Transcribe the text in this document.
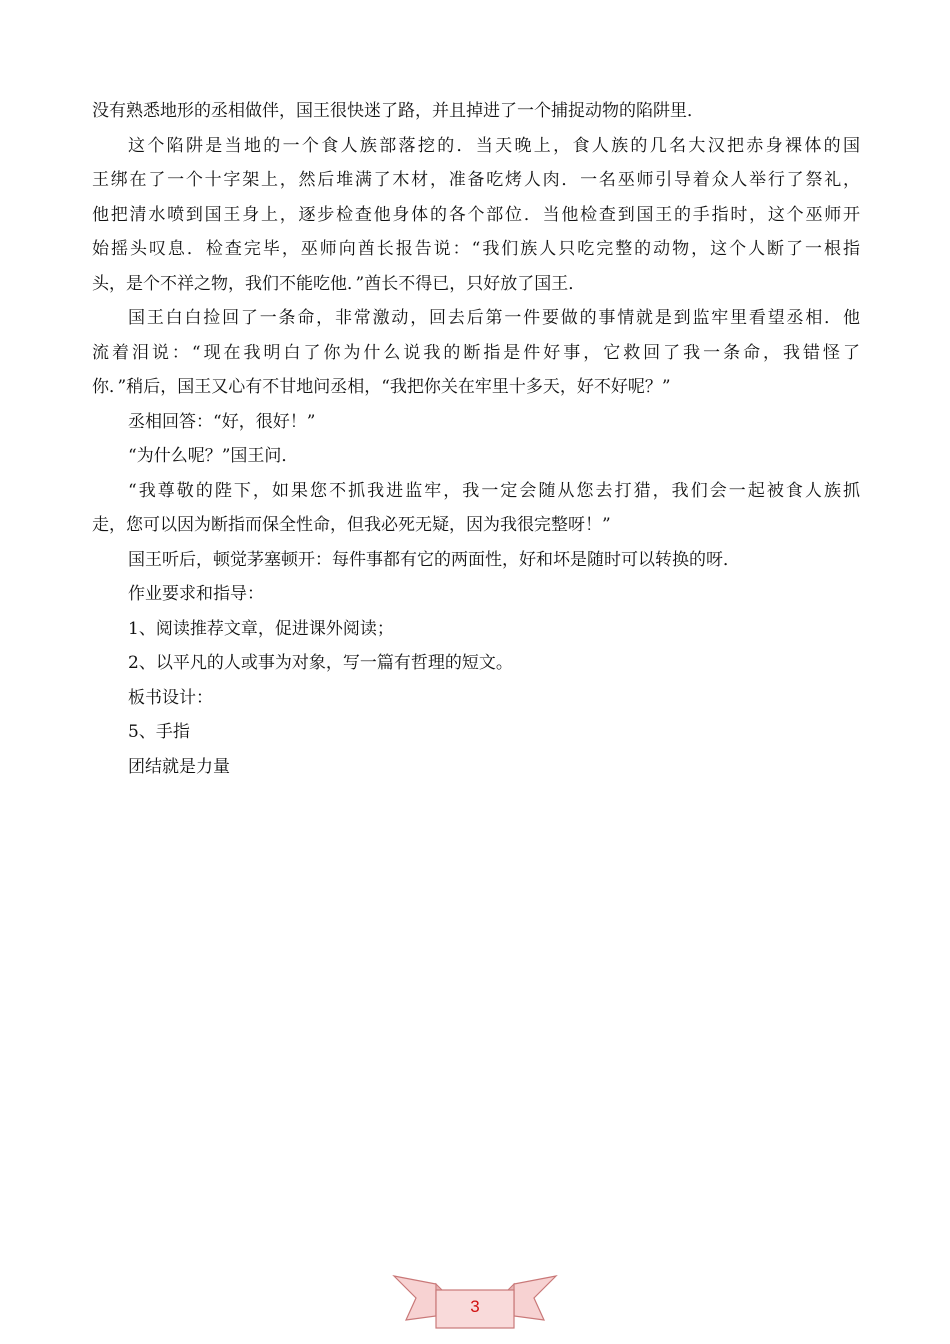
没有熟悉地形的丞相做伴，国王很快迷了路，并且掉进了一个捕捉动物的陷阱里．
这个陷阱是当地的一个食人族部落挖的．当天晚上，食人族的几名大汉把赤身裸体的国
王绑在了一个十字架上，然后堆满了木材，准备吃烤人肉．一名巫师引导着众人举行了祭礼，
他把清水喷到国王身上，逐步检查他身体的各个部位．当他检查到国王的手指时，这个巫师开
始摇头叹息．检查完毕，巫师向酋长报告说：“我们族人只吃完整的动物，这个人断了一根指
头，是个不祥之物，我们不能吃他．”酋长不得已，只好放了国王．
国王白白捡回了一条命，非常激动，回去后第一件要做的事情就是到监牢里看望丞相．他
流着泪说：“现在我明白了你为什么说我的断指是件好事，它救回了我一条命，我错怪了
你．”稍后，国王又心有不甘地问丞相，“我把你关在牢里十多天，好不好呢？”
丞相回答：“好，很好！”
“为什么呢？”国王问．
“我尊敬的陛下，如果您不抓我进监牢，我一定会随从您去打猎，我们会一起被食人族抓
走，您可以因为断指而保全性命，但我必死无疑，因为我很完整呀！”
国王听后，顿觉茅塞顿开：每件事都有它的两面性，好和坏是随时可以转换的呀．
作业要求和指导：
1、阅读推荐文章，促进课外阅读；
2、以平凡的人或事为对象，写一篇有哲理的短文。
板书设计：
5、手指
团结就是力量
3
